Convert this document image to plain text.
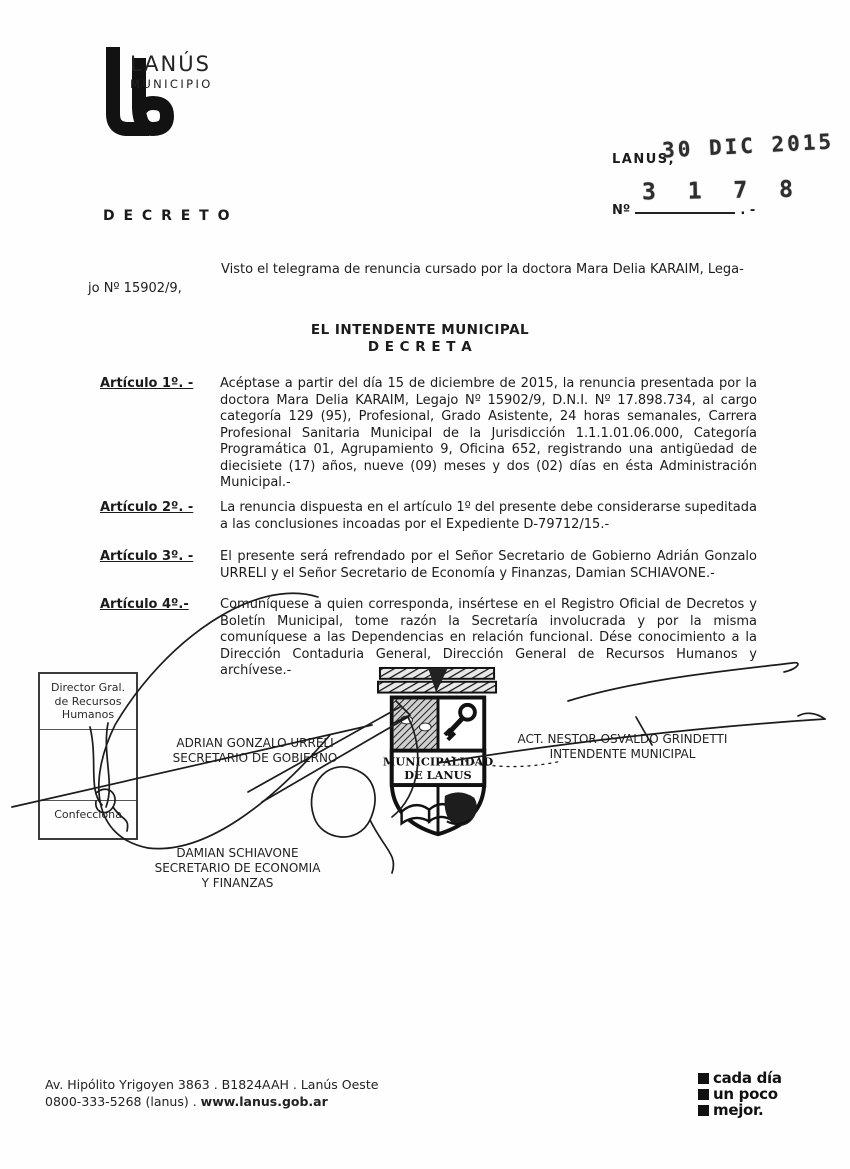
LANÚS
MUNICIPIO
LANUS,
30 DIC 2015
Nº	. -
3 1 7 8
D E C R E T O
Visto el telegrama de renuncia cursado por la doctora Mara Delia KARAIM, Lega-
jo Nº 15902/9,
EL INTENDENTE MUNICIPAL
D E C R E T A
Artículo 1º. - Acéptase a partir del día 15 de diciembre de 2015, la renuncia presentada por la doctora Mara Delia KARAIM, Legajo Nº 15902/9, D.N.I. Nº 17.898.734, al cargo categoría 129 (95), Profesional, Grado Asistente, 24 horas semanales, Carrera Profesional Sanitaria Municipal de la Jurisdicción 1.1.1.01.06.000, Categoría Programática 01, Agrupamiento 9, Oficina 652, registrando una antigüedad de diecisiete (17) años, nueve (09) meses y dos (02) días en ésta Administración Municipal.-
Artículo 2º. - La renuncia dispuesta en el artículo 1º del presente debe considerarse supeditada a las conclusiones incoadas por el Expediente D-79712/15.-
Artículo 3º. - El presente será refrendado por el Señor Secretario de Gobierno Adrián Gonzalo URRELI y el Señor Secretario de Economía y Finanzas, Damian SCHIAVONE.-
Artículo 4º.- Comuníquese a quien corresponda, insértese en el Registro Oficial de Decretos y Boletín Municipal, tome razón la Secretaría involucrada y por la misma comuníquese a las Dependencias en relación funcional. Dése conocimiento a la Dirección Contaduria General, Dirección General de Recursos Humanos y archívese.-
Director Gral.
de Recursos
Humanos
Confecciona
MUNICIPALIDAD
DE LANUS
ADRIAN GONZALO URRELI
SECRETARIO DE GOBIERNO
ACT. NESTOR OSVALDO GRINDETTI
INTENDENTE MUNICIPAL
DAMIAN SCHIAVONE
SECRETARIO DE ECONOMIA
Y FINANZAS
Av. Hipólito Yrigoyen 3863 . B1824AAH . Lanús Oeste
0800-333-5268 (lanus) . www.lanus.gob.ar
cada día
un poco
mejor.
